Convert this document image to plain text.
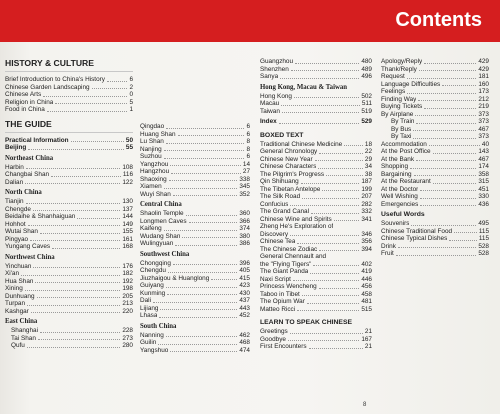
Contents
HISTORY & CULTURE
Brief Introduction to China's History	6
Chinese Garden Landscaping	2
Chinese Arts	0
Religion in China	5
Food in China	1
THE GUIDE
Practical Information	50
Beijing	55
Northeast China
Harbin	108
Changbai Shan	116
Dalian	122
North China
Tianjin	130
Chengde	137
Beidaihe & Shanhaiguan	144
Hohhot	149
Wutai Shan	155
Pingyao	161
Yungang Caves	168
Northwest China
Yinchuan	176
Xi'an	182
Hua Shan	192
Xining	198
Dunhuang	205
Turpan	213
Kashgar	220
East China
Shanghai	228
Tai Shan	273
Qufu	280
Qingdao	6
Huang Shan	6
Lu Shan	8
Nanjing	8
Suzhou	6
Yangzhou	14
Hangzhou	27
Shaoxing	338
Xiamen	345
Wuyi Shan	352
Central China
Shaolin Temple	360
Longmen Caves	366
Kaifeng	374
Wudang Shan	380
Wulingyuan	386
Southwest China
Chongqing	396
Chengdu	405
Jiuzhaigou & Huanglong	415
Guiyang	423
Kunming	430
Dali	437
Lijiang	443
Lhasa	452
South China
Nanning	462
Guilin	468
Yangshuo	474
Guangzhou	480
Shenzhen	489
Sanya	496
Hong Kong, Macau & Taiwan
Hong Kong	502
Macau	511
Taiwan	519
Index	529
BOXED TEXT
Traditional Chinese Medicine	18
General Chronology	22
Chinese New Year	29
Chinese Characters	34
The Pilgrim's Progress	38
Qin Shihuang	187
The Tibetan Antelope	199
The Silk Road	207
Confucius	282
The Grand Canal	332
Chinese Wine and Spirits	341
Zheng He's Exploration of
Discovery	346
Chinese Tea	356
The Chinese Zodiac	394
General Chennault and
the "Flying Tigers"	402
The Giant Panda	419
Naxi Script	446
Princess Wencheng	456
Taboo in Tibet	458
The Opium War	481
Matteo Ricci	515
LEARN TO SPEAK CHINESE
Greetings	21
Goodbye	167
First Encounters	21
Apology/Reply	429
Thank/Reply	429
Request	181
Language Difficulties	160
Feelings	173
Finding Way	212
Buying Tickets	219
By Airplane	373
By Train	373
By Bus	467
By Taxi	373
Accommodation	40
At the Post Office	143
At the Bank	467
Shopping	174
Bargaining	358
At the Restaurant	315
At the Doctor	451
Well Wishing	330
Emergencies	436
Useful Words
Souvenirs	495
Chinese Traditional Food	115
Chinese Typical Dishes	115
Drink	528
Fruit	528
8
